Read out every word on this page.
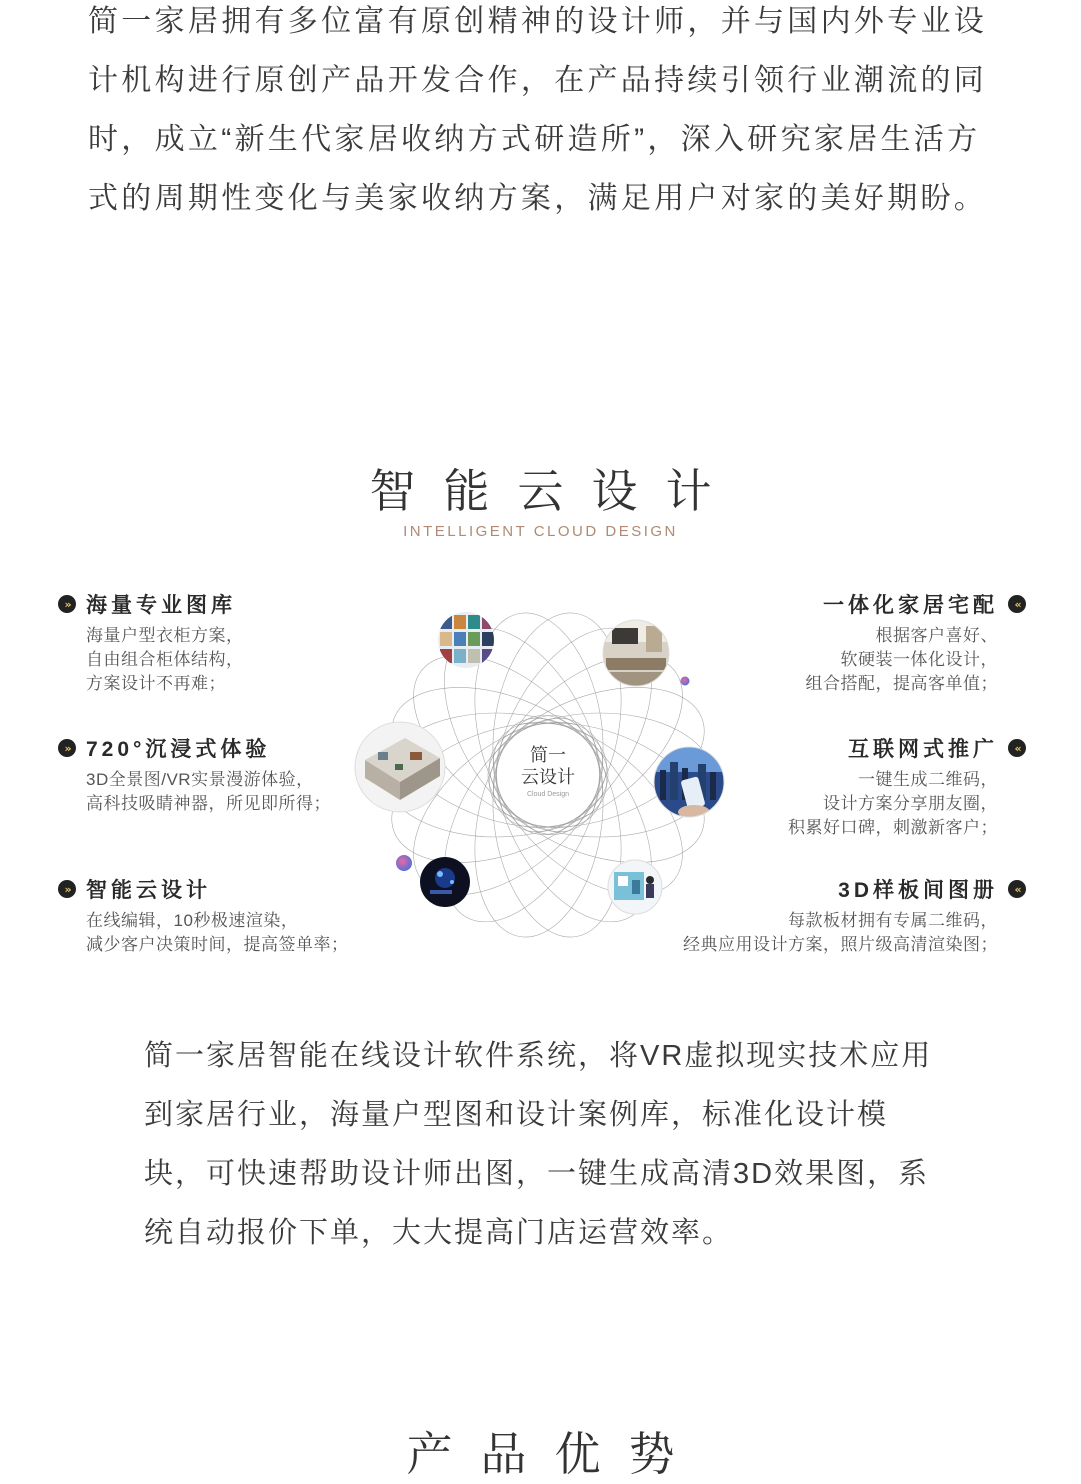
简一家居拥有多位富有原创精神的设计师，并与国内外专业设计机构进行原创产品开发合作，在产品持续引领行业潮流的同时，成立“新生代家居收纳方式研造所”，深入研究家居生活方式的周期性变化与美家收纳方案，满足用户对家的美好期盼。

智能云设计
INTELLIGENT CLOUD DESIGN
简一
云设计
Cloud Design
» 海量专业图库
海量户型衣柜方案，
自由组合柜体结构，
方案设计不再难；
» 720°沉浸式体验
3D全景图/VR实景漫游体验，
高科技吸睛神器，所见即所得；
» 智能云设计
在线编辑，10秒极速渲染，
减少客户决策时间，提高签单率；
一体化家居宅配	«
根据客户喜好、
软硬装一体化设计，
组合搭配，提高客单值；
互联网式推广	«
一键生成二维码，
设计方案分享朋友圈，
积累好口碑，刺激新客户；
3D样板间图册	«
每款板材拥有专属二维码，
经典应用设计方案，照片级高清渲染图；

简一家居智能在线设计软件系统，将VR虚拟现实技术应用到家居行业，海量户型图和设计案例库，标准化设计模块，可快速帮助设计师出图，一键生成高清3D效果图，系统自动报价下单，大大提高门店运营效率。

产品优势
